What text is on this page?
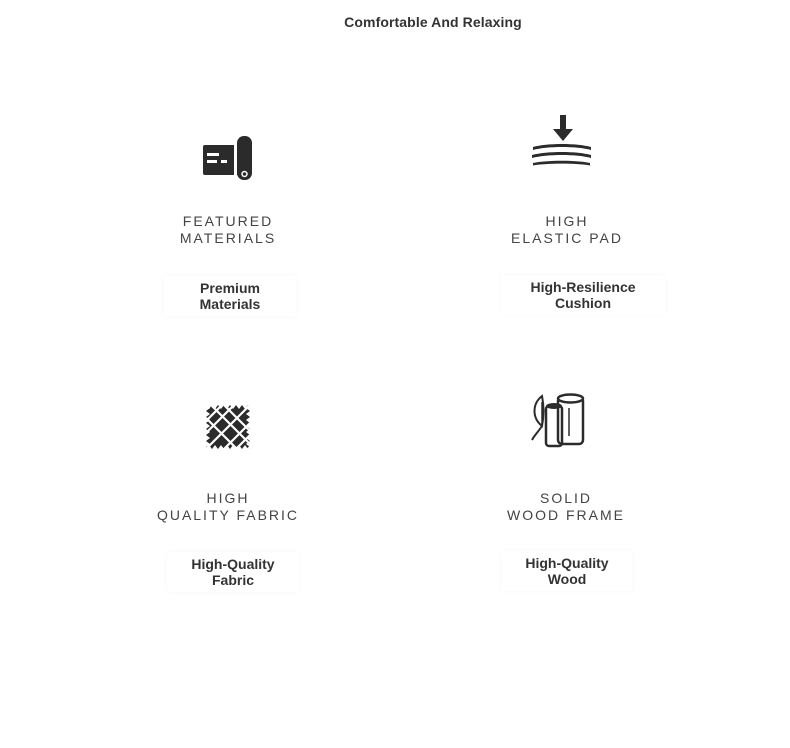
Comfortable And Relaxing
FEATURED
MATERIALS
Premium Materials
HIGH
ELASTIC PAD
High-Resilience Cushion
HIGH
QUALITY FABRIC
High-Quality Fabric
SOLID
WOOD FRAME
High-Quality Wood
